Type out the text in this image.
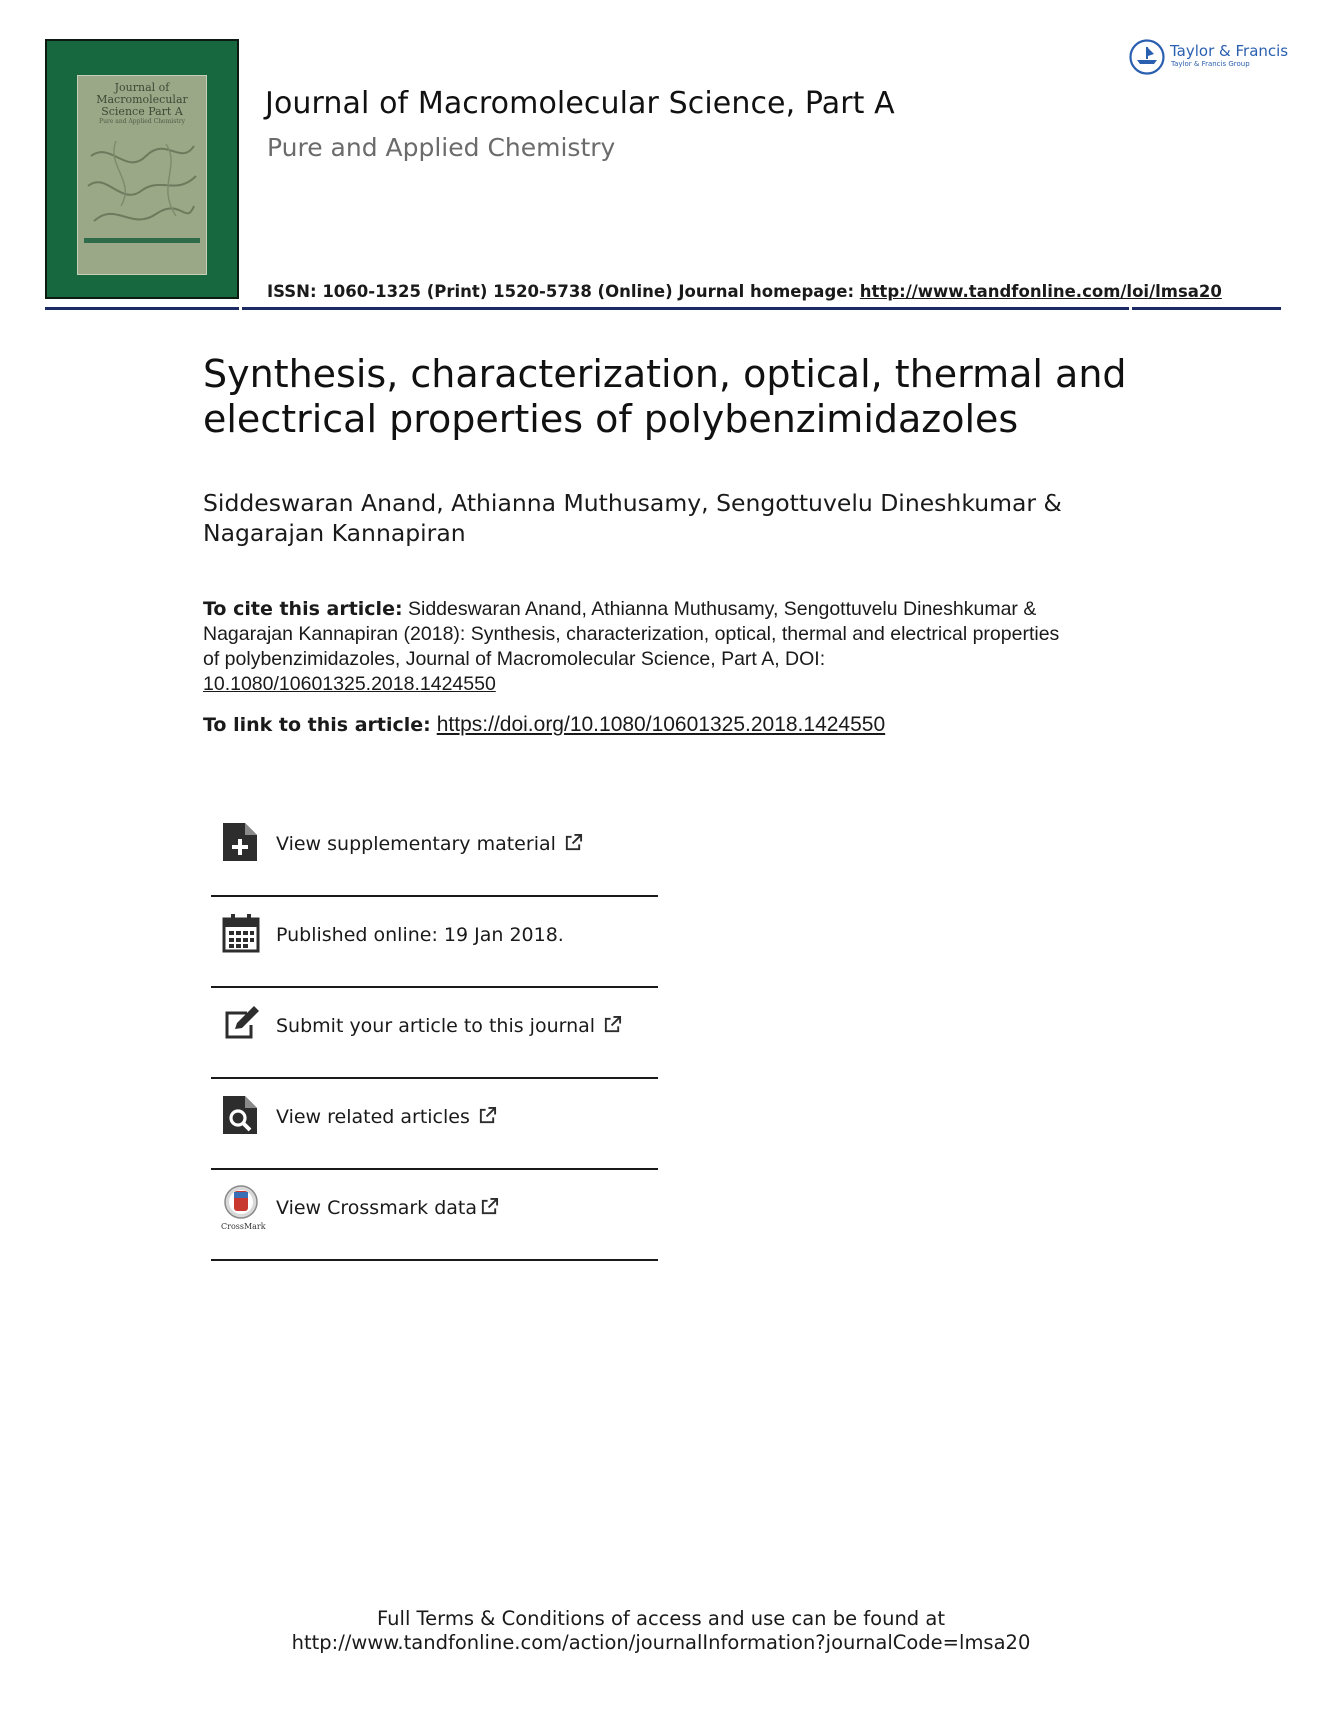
Journal of
Macromolecular
Science Part A
Pure and Applied Chemistry
Journal of Macromolecular Science, Part A
Pure and Applied Chemistry
ISSN: 1060-1325 (Print) 1520-5738 (Online) Journal homepage: http://www.tandfonline.com/loi/lmsa20
Taylor & Francis
Taylor & Francis Group
Synthesis, characterization, optical, thermal and electrical properties of polybenzimidazoles
Siddeswaran Anand, Athianna Muthusamy, Sengottuvelu Dineshkumar & Nagarajan Kannapiran
To cite this article: Siddeswaran Anand, Athianna Muthusamy, Sengottuvelu Dineshkumar & Nagarajan Kannapiran (2018): Synthesis, characterization, optical, thermal and electrical properties of polybenzimidazoles, Journal of Macromolecular Science, Part A, DOI: 10.1080/10601325.2018.1424550
To link to this article: https://doi.org/10.1080/10601325.2018.1424550
View supplementary material
Published online: 19 Jan 2018.
Submit your article to this journal
View related articles
CrossMark
View Crossmark data
Full Terms & Conditions of access and use can be found at
http://www.tandfonline.com/action/journalInformation?journalCode=lmsa20
